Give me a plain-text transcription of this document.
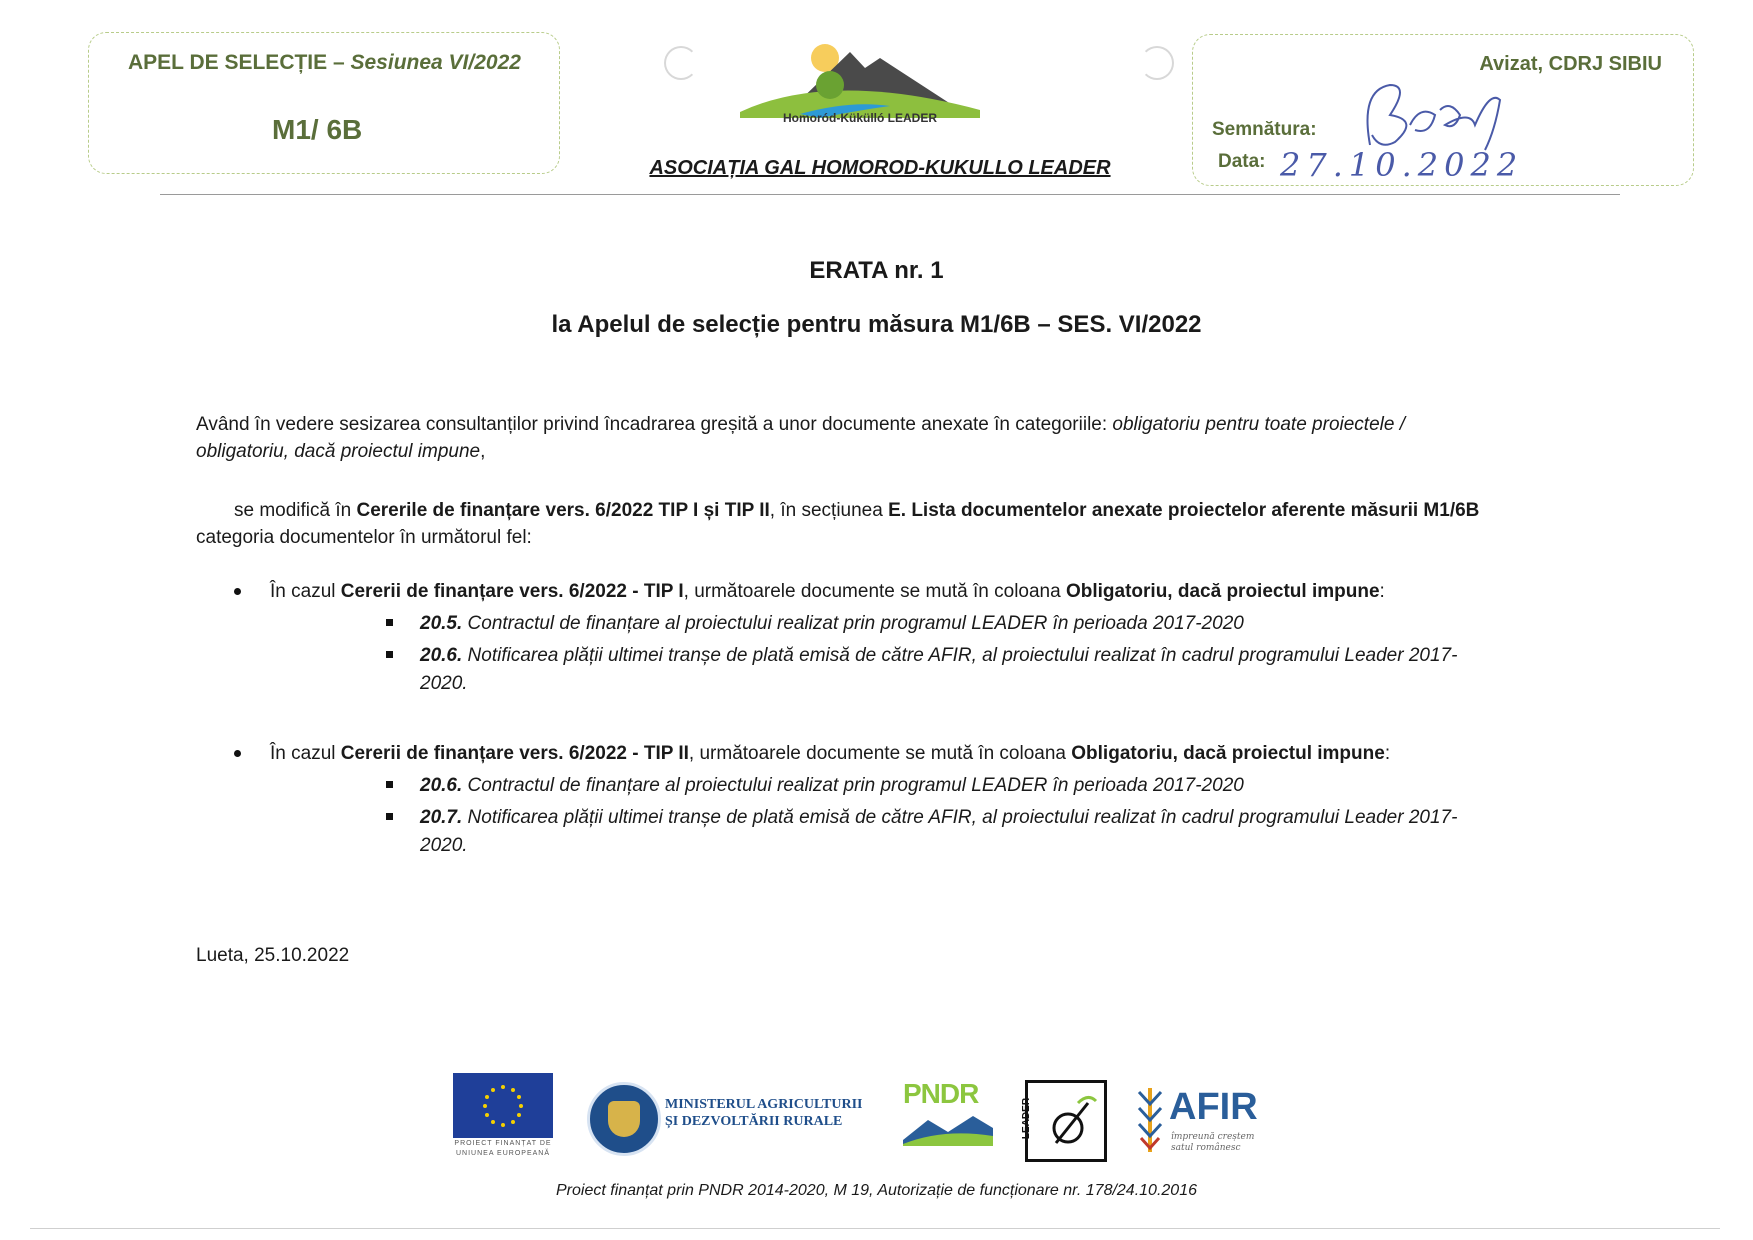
APEL DE SELECȚIE – Sesiunea VI/2022
M1/ 6B	Homoród-Kükülló LEADER
ASOCIAȚIA GAL HOMOROD-KUKULLO LEADER
Avizat, CDRJ SIBIU
Semnătura:
Data: 27.10.2022
ERATA nr. 1
la Apelul de selecție pentru măsura M1/6B – SES. VI/2022
Având în vedere sesizarea consultanților privind încadrarea greșită a unor documente anexate în categoriile: obligatoriu pentru toate proiectele /
obligatoriu, dacă proiectul impune,
se modifică în Cererile de finanțare vers. 6/2022 TIP I și TIP II, în secțiunea E. Lista documentelor anexate proiectelor aferente măsurii M1/6B
categoria documentelor în următorul fel:
În cazul Cererii de finanțare vers. 6/2022 - TIP I, următoarele documente se mută în coloana Obligatoriu, dacă proiectul impune:
20.5. Contractul de finanțare al proiectului realizat prin programul LEADER în perioada 2017-2020
20.6. Notificarea plății ultimei tranșe de plată emisă de către AFIR, al proiectului realizat în cadrul programului Leader 2017-
2020.
În cazul Cererii de finanțare vers. 6/2022 - TIP II, următoarele documente se mută în coloana Obligatoriu, dacă proiectul impune:
20.6. Contractul de finanțare al proiectului realizat prin programul LEADER în perioada 2017-2020
20.7. Notificarea plății ultimei tranșe de plată emisă de către AFIR, al proiectului realizat în cadrul programului Leader 2017-
2020.
Lueta, 25.10.2022
PROIECT FINANȚAT DE
UNIUNEA EUROPEANĂ
MINISTERUL AGRICULTURII
ȘI DEZVOLTĂRII RURALE
PNDR
LEADER	AFIR
împreună creștem
satul românesc
Proiect finanțat prin PNDR 2014-2020, M 19, Autorizație de funcționare nr. 178/24.10.2016
